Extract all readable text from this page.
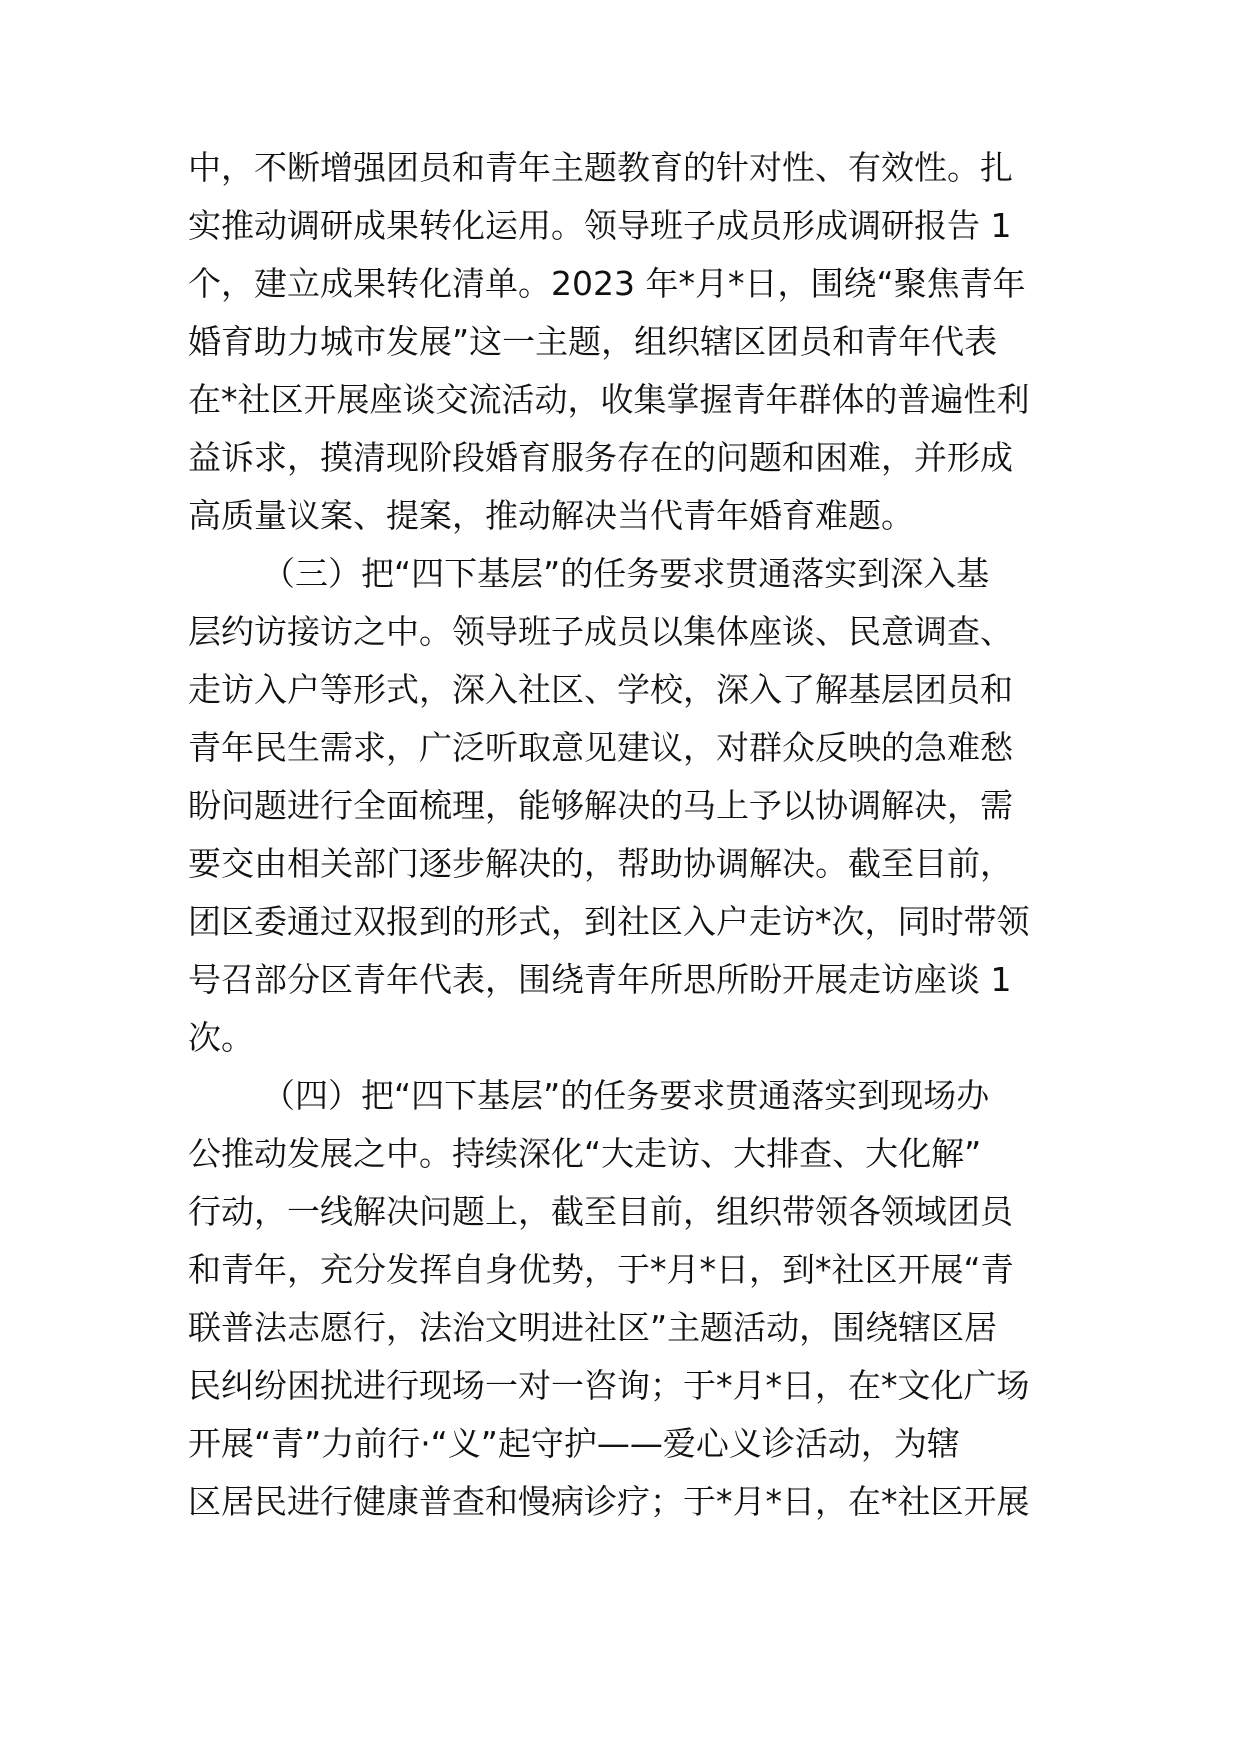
中，不断增强团员和青年主题教育的针对性、有效性。扎
实推动调研成果转化运用。领导班子成员形成调研报告 1
个，建立成果转化清单。2023 年*月*日，围绕“聚焦青年
婚育助力城市发展”这一主题，组织辖区团员和青年代表
在*社区开展座谈交流活动，收集掌握青年群体的普遍性利
益诉求，摸清现阶段婚育服务存在的问题和困难，并形成
高质量议案、提案，推动解决当代青年婚育难题。
（三）把“四下基层”的任务要求贯通落实到深入基
层约访接访之中。领导班子成员以集体座谈、民意调查、
走访入户等形式，深入社区、学校，深入了解基层团员和
青年民生需求，广泛听取意见建议，对群众反映的急难愁
盼问题进行全面梳理，能够解决的马上予以协调解决，需
要交由相关部门逐步解决的，帮助协调解决。截至目前，
团区委通过双报到的形式，到社区入户走访*次，同时带领
号召部分区青年代表，围绕青年所思所盼开展走访座谈 1
次。
（四）把“四下基层”的任务要求贯通落实到现场办
公推动发展之中。持续深化“大走访、大排查、大化解”
行动，一线解决问题上，截至目前，组织带领各领域团员
和青年，充分发挥自身优势，于*月*日，到*社区开展“青
联普法志愿行，法治文明进社区”主题活动，围绕辖区居
民纠纷困扰进行现场一对一咨询；于*月*日，在*文化广场
开展“青”力前行·“义”起守护——爱心义诊活动，为辖
区居民进行健康普查和慢病诊疗；于*月*日，在*社区开展
